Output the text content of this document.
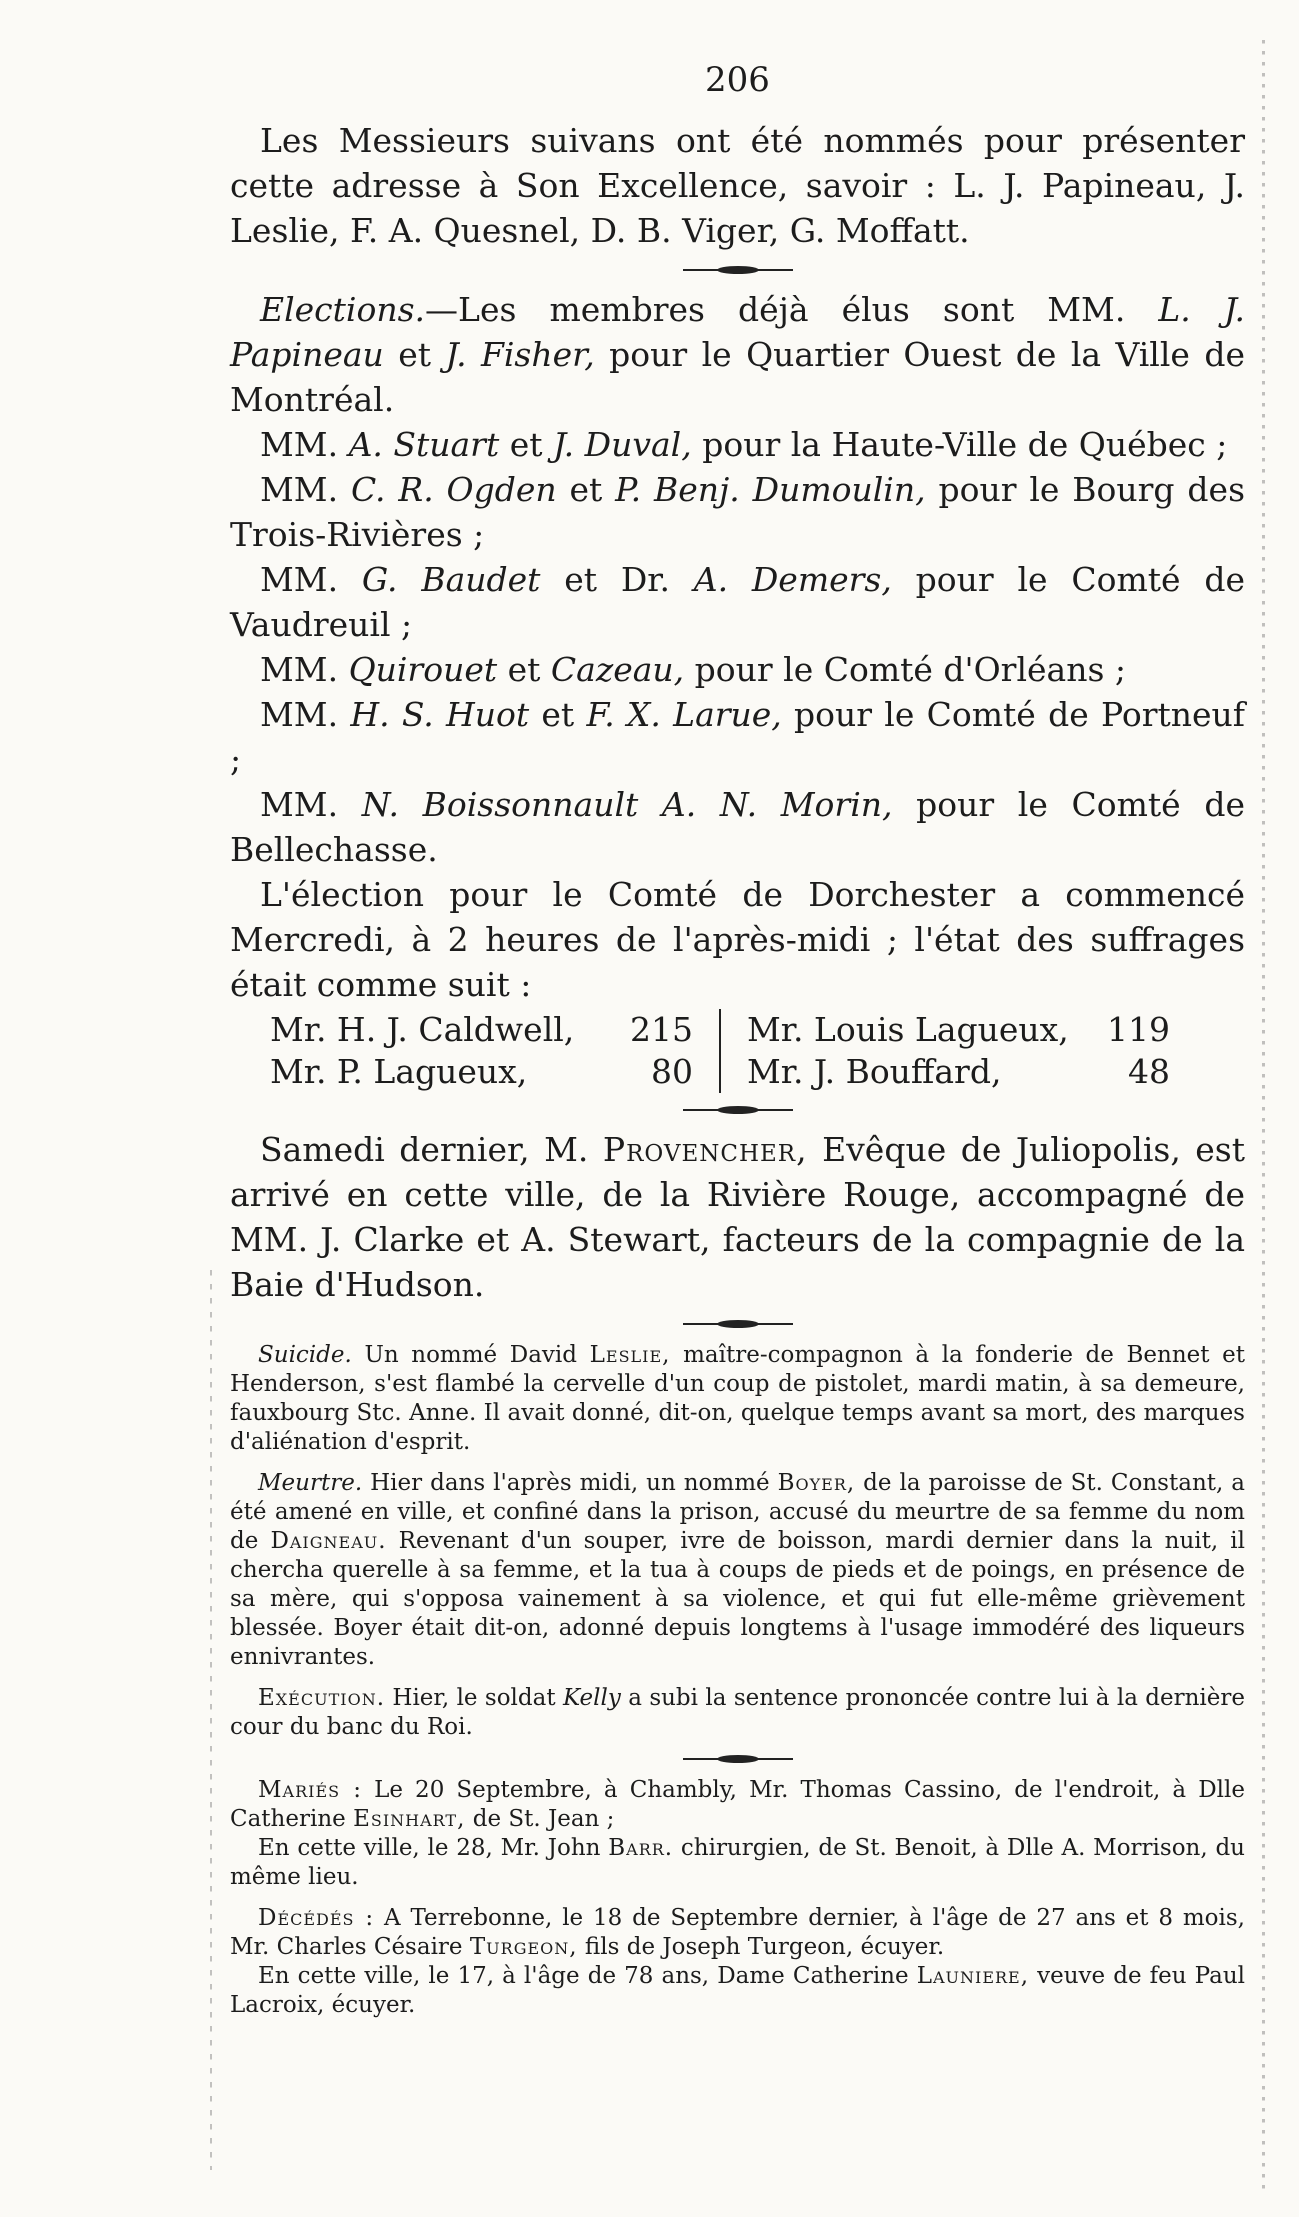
206

Les Messieurs suivans ont été nommés pour présenter cette adresse à Son Excellence, savoir : L. J. Papineau, J. Leslie, F. A. Quesnel, D. B. Viger, G. Moffatt.

Elections.—Les membres déjà élus sont MM. L. J. Papineau et J. Fisher, pour le Quartier Ouest de la Ville de Montréal.

MM. A. Stuart et J. Duval, pour la Haute-Ville de Québec ;

MM. C. R. Ogden et P. Benj. Dumoulin, pour le Bourg des Trois-Rivières ;

MM. G. Baudet et Dr. A. Demers, pour le Comté de Vaudreuil ;

MM. Quirouet et Cazeau, pour le Comté d'Orléans ;

MM. H. S. Huot et F. X. Larue, pour le Comté de Portneuf ;

MM. N. Boissonnault A. N. Morin, pour le Comté de Bellechasse.

L'élection pour le Comté de Dorchester a commencé Mercredi, à 2 heures de l'après-midi ; l'état des suffrages était comme suit :

Mr. H. J. Caldwell, 215
Mr. P. Lagueux,	80
Mr. Louis Lagueux, 119
Mr. J. Bouffard,	48

Samedi dernier, M. Provencher, Evêque de Juliopolis, est arrivé en cette ville, de la Rivière Rouge, accompagné de MM. J. Clarke et A. Stewart, facteurs de la compagnie de la Baie d'Hudson.

Suicide. Un nommé David Leslie, maître-compagnon à la fonderie de Bennet et Henderson, s'est flambé la cervelle d'un coup de pistolet, mardi matin, à sa demeure, fauxbourg Stc. Anne. Il avait donné, dit-on, quelque temps avant sa mort, des marques d'aliénation d'esprit.

Meurtre. Hier dans l'après midi, un nommé Boyer, de la paroisse de St. Constant, a été amené en ville, et confiné dans la prison, accusé du meurtre de sa femme du nom de Daigneau. Revenant d'un souper, ivre de boisson, mardi dernier dans la nuit, il chercha querelle à sa femme, et la tua à coups de pieds et de poings, en présence de sa mère, qui s'opposa vainement à sa violence, et qui fut elle-même grièvement blessée. Boyer était dit-on, adonné depuis longtems à l'usage immodéré des liqueurs ennivrantes.

Exécution. Hier, le soldat Kelly a subi la sentence prononcée contre lui à la dernière cour du banc du Roi.

Mariés : Le 20 Septembre, à Chambly, Mr. Thomas Cassino, de l'endroit, à Dlle Catherine Esinhart, de St. Jean ;

En cette ville, le 28, Mr. John Barr. chirurgien, de St. Benoit, à Dlle A. Morrison, du même lieu.

Décédés : A Terrebonne, le 18 de Septembre dernier, à l'âge de 27 ans et 8 mois, Mr. Charles Césaire Turgeon, fils de Joseph Turgeon, écuyer.

En cette ville, le 17, à l'âge de 78 ans, Dame Catherine Launiere, veuve de feu Paul Lacroix, écuyer.
